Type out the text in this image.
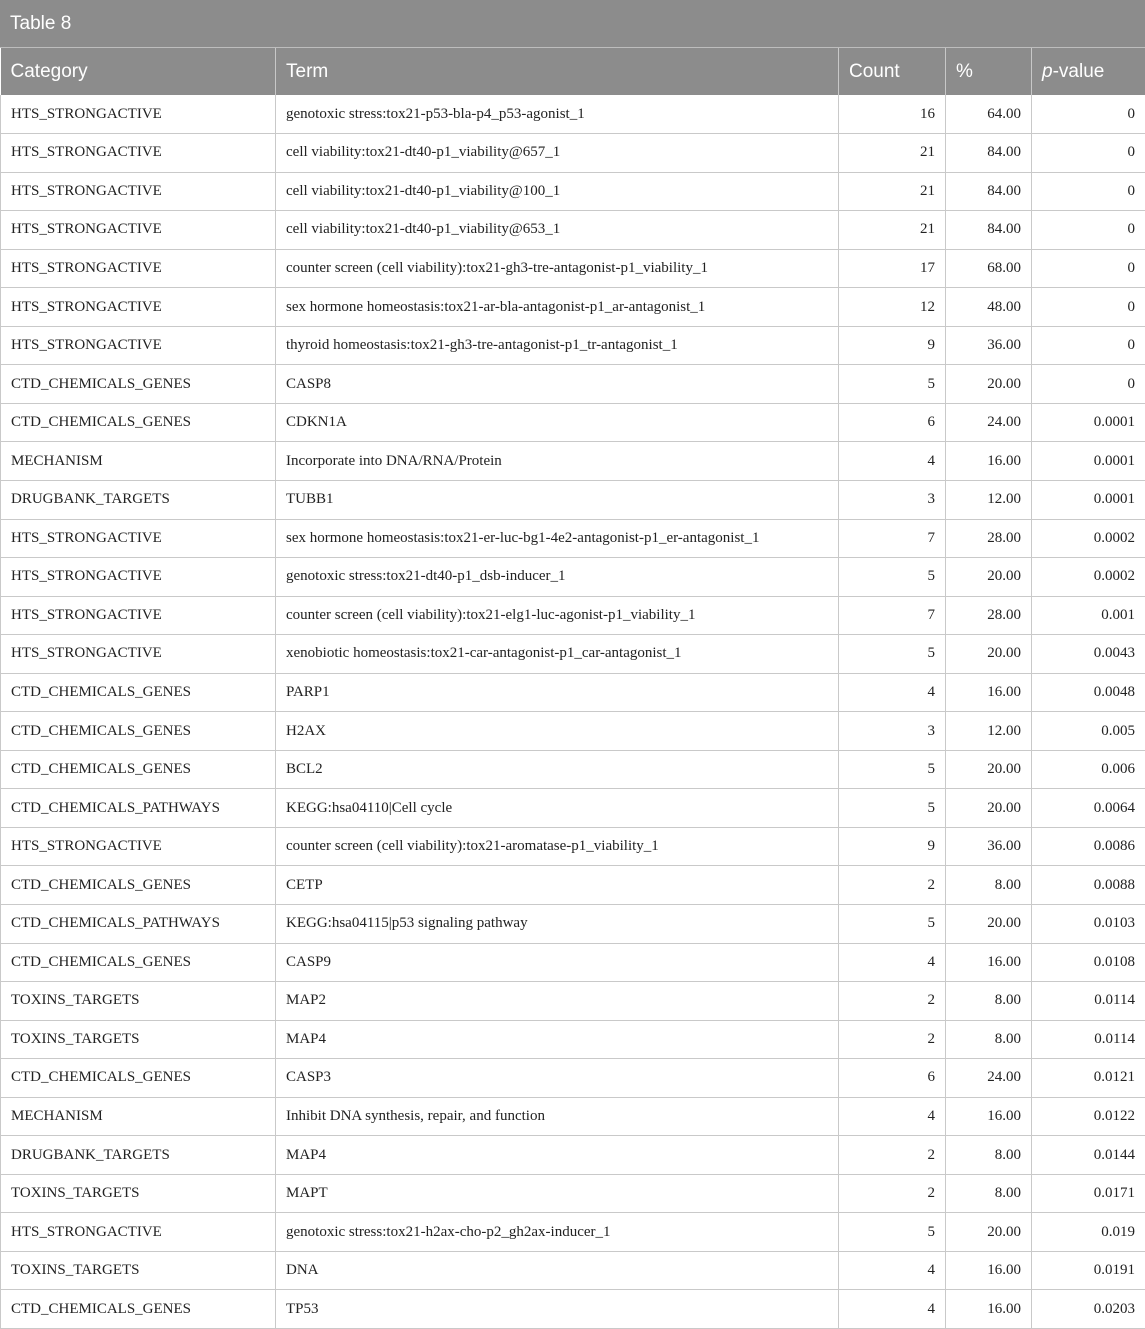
Table 8
Category	Term	Count	%	p-value
HTS_STRONGACTIVE	genotoxic stress:tox21-p53-bla-p4_p53-agonist_1	16	64.00	0
HTS_STRONGACTIVE	cell viability:tox21-dt40-p1_viability@657_1	21	84.00	0
HTS_STRONGACTIVE	cell viability:tox21-dt40-p1_viability@100_1	21	84.00	0
HTS_STRONGACTIVE	cell viability:tox21-dt40-p1_viability@653_1	21	84.00	0
HTS_STRONGACTIVE	counter screen (cell viability):tox21-gh3-tre-antagonist-p1_viability_1	17	68.00	0
HTS_STRONGACTIVE	sex hormone homeostasis:tox21-ar-bla-antagonist-p1_ar-antagonist_1	12	48.00	0
HTS_STRONGACTIVE	thyroid homeostasis:tox21-gh3-tre-antagonist-p1_tr-antagonist_1	9	36.00	0
CTD_CHEMICALS_GENES	CASP8	5	20.00	0
CTD_CHEMICALS_GENES	CDKN1A	6	24.00	0.0001
MECHANISM	Incorporate into DNA/RNA/Protein	4	16.00	0.0001
DRUGBANK_TARGETS	TUBB1	3	12.00	0.0001
HTS_STRONGACTIVE	sex hormone homeostasis:tox21-er-luc-bg1-4e2-antagonist-p1_er-antagonist_1	7	28.00	0.0002
HTS_STRONGACTIVE	genotoxic stress:tox21-dt40-p1_dsb-inducer_1	5	20.00	0.0002
HTS_STRONGACTIVE	counter screen (cell viability):tox21-elg1-luc-agonist-p1_viability_1	7	28.00	0.001
HTS_STRONGACTIVE	xenobiotic homeostasis:tox21-car-antagonist-p1_car-antagonist_1	5	20.00	0.0043
CTD_CHEMICALS_GENES	PARP1	4	16.00	0.0048
CTD_CHEMICALS_GENES	H2AX	3	12.00	0.005
CTD_CHEMICALS_GENES	BCL2	5	20.00	0.006
CTD_CHEMICALS_PATHWAYS	KEGG:hsa04110|Cell cycle	5	20.00	0.0064
HTS_STRONGACTIVE	counter screen (cell viability):tox21-aromatase-p1_viability_1	9	36.00	0.0086
CTD_CHEMICALS_GENES	CETP	2	8.00	0.0088
CTD_CHEMICALS_PATHWAYS	KEGG:hsa04115|p53 signaling pathway	5	20.00	0.0103
CTD_CHEMICALS_GENES	CASP9	4	16.00	0.0108
TOXINS_TARGETS	MAP2	2	8.00	0.0114
TOXINS_TARGETS	MAP4	2	8.00	0.0114
CTD_CHEMICALS_GENES	CASP3	6	24.00	0.0121
MECHANISM	Inhibit DNA synthesis, repair, and function	4	16.00	0.0122
DRUGBANK_TARGETS	MAP4	2	8.00	0.0144
TOXINS_TARGETS	MAPT	2	8.00	0.0171
HTS_STRONGACTIVE	genotoxic stress:tox21-h2ax-cho-p2_gh2ax-inducer_1	5	20.00	0.019
TOXINS_TARGETS	DNA	4	16.00	0.0191
CTD_CHEMICALS_GENES	TP53	4	16.00	0.0203
